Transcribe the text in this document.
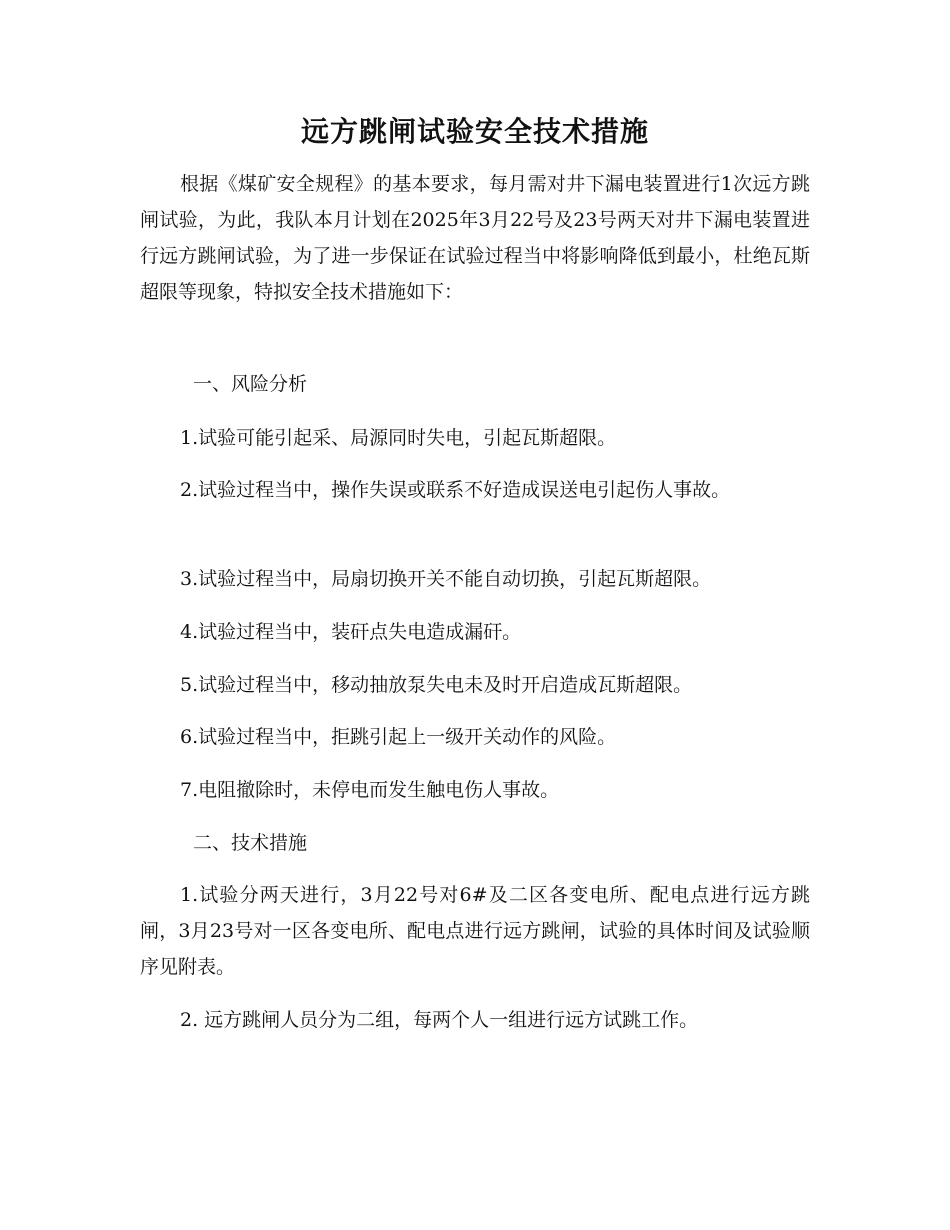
远方跳闸试验安全技术措施

根据《煤矿安全规程》的基本要求，每月需对井下漏电装置进行1次远方跳闸试验，为此，我队本月计划在2025年3月22号及23号两天对井下漏电装置进行远方跳闸试验，为了进一步保证在试验过程当中将影响降低到最小，杜绝瓦斯超限等现象，特拟安全技术措施如下：

一、风险分析

1.试验可能引起采、局源同时失电，引起瓦斯超限。

2.试验过程当中，操作失误或联系不好造成误送电引起伤人事故。

3.试验过程当中，局扇切换开关不能自动切换，引起瓦斯超限。

4.试验过程当中，装矸点失电造成漏矸。

5.试验过程当中，移动抽放泵失电未及时开启造成瓦斯超限。

6.试验过程当中，拒跳引起上一级开关动作的风险。

7.电阻撤除时，未停电而发生触电伤人事故。

二、技术措施

1.试验分两天进行，3月22号对6#及二区各变电所、配电点进行远方跳闸，3月23号对一区各变电所、配电点进行远方跳闸，试验的具体时间及试验顺序见附表。

2. 远方跳闸人员分为二组，每两个人一组进行远方试跳工作。
